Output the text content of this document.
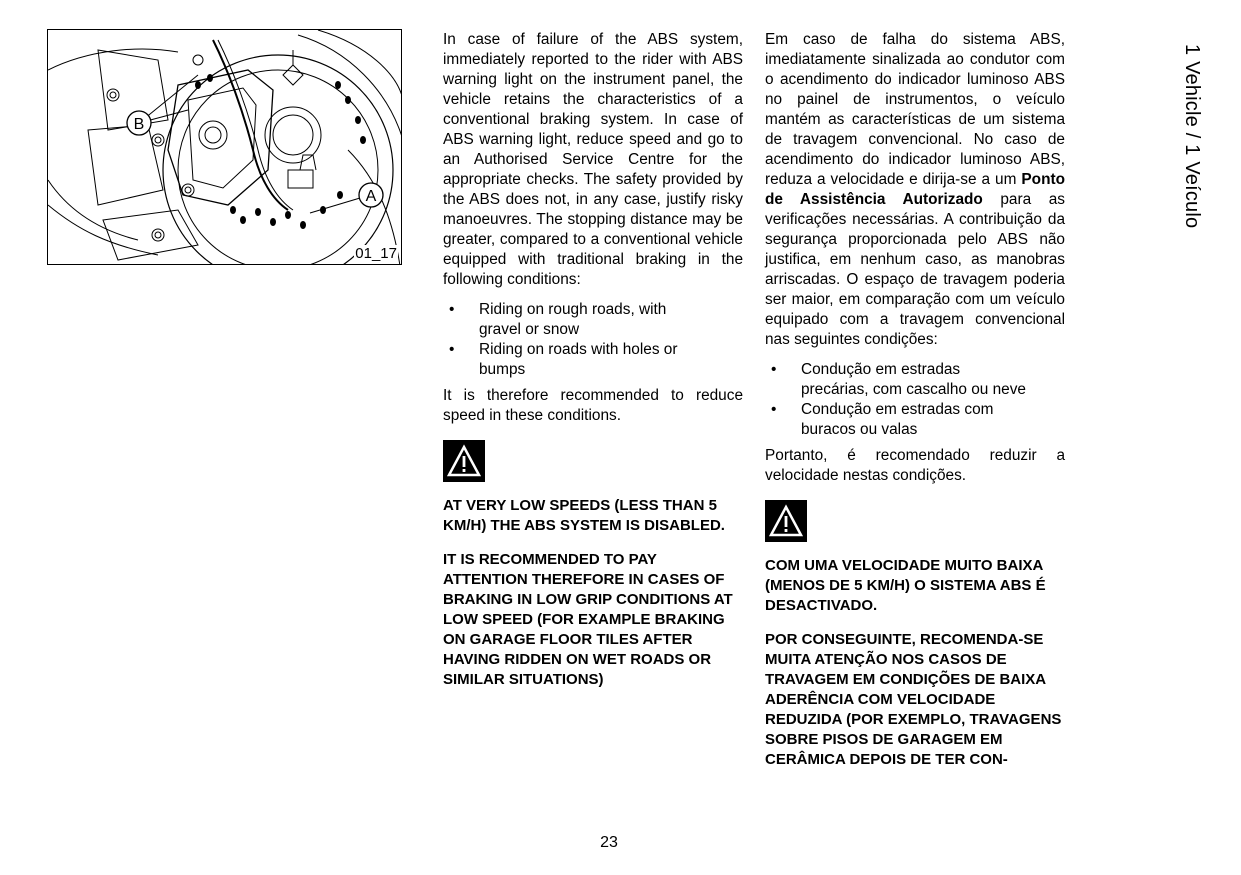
B
A
01_17

In case of failure of the ABS system, immediately reported to the rider with ABS warning light on the instrument panel, the vehicle retains the characteristics of a conventional braking system. In case of ABS warning light, reduce speed and go to an Authorised Service Centre for the appropriate checks. The safety provided by the ABS does not, in any case, justify risky manoeuvres. The stopping distance may be greater, compared to a conventional vehicle equipped with traditional braking in the following conditions:

• Riding on rough roads, with gravel or snow
• Riding on roads with holes or bumps

It is therefore recommended to reduce speed in these conditions.

AT VERY LOW SPEEDS (LESS THAN 5 KM/H) THE ABS SYSTEM IS DISABLED.

IT IS RECOMMENDED TO PAY ATTENTION THEREFORE IN CASES OF BRAKING IN LOW GRIP CONDITIONS AT LOW SPEED (FOR EXAMPLE BRAKING ON GARAGE FLOOR TILES AFTER HAVING RIDDEN ON WET ROADS OR SIMILAR SITUATIONS)

Em caso de falha do sistema ABS, imediatamente sinalizada ao condutor com o acendimento do indicador luminoso ABS no painel de instrumentos, o veículo mantém as características de um sistema de travagem convencional. No caso de acendimento do indicador luminoso ABS, reduza a velocidade e dirija-se a um Ponto de Assistência Autorizado para as verificações necessárias. A contribuição da segurança proporcionada pelo ABS não justifica, em nenhum caso, as manobras arriscadas. O espaço de travagem poderia ser maior, em comparação com um veículo equipado com a travagem convencional nas seguintes condições:

• Condução em estradas precárias, com cascalho ou neve
• Condução em estradas com buracos ou valas

Portanto, é recomendado reduzir a velocidade nestas condições.

COM UMA VELOCIDADE MUITO BAIXA (MENOS DE 5 KM/H) O SISTEMA ABS É DESACTIVADO.

POR CONSEGUINTE, RECOMENDA-SE MUITA ATENÇÃO NOS CASOS DE TRAVAGEM EM CONDIÇÕES DE BAIXA ADERÊNCIA COM VELOCIDADE REDUZIDA (POR EXEMPLO, TRAVAGENS SOBRE PISOS DE GARAGEM EM CERÂMICA DEPOIS DE TER CON-

1 Vehicle / 1 Veículo
23
